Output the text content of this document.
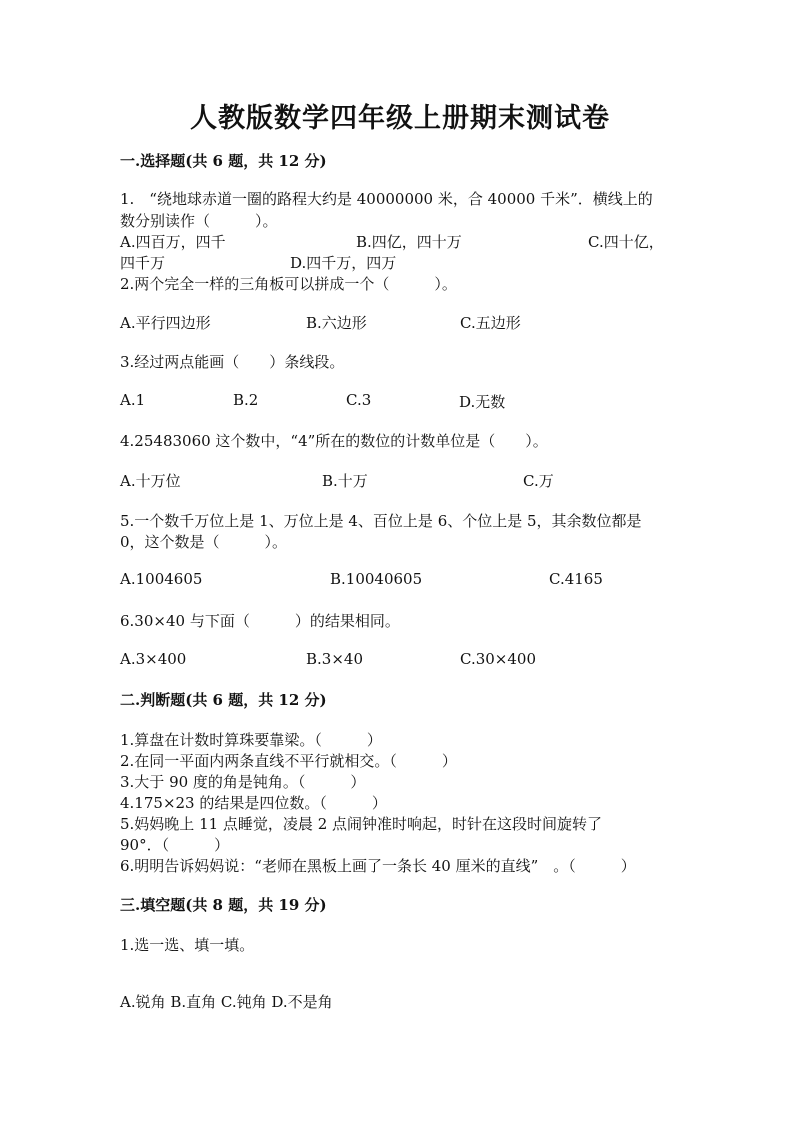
人教版数学四年级上册期末测试卷
一.选择题(共 6 题，共 12 分)
1.　“绕地球赤道一圈的路程大约是 40000000 米，合 40000 千米”．横线上的
数分别读作（　　　）。
A.四百万，四千	B.四亿，四十万	C.四十亿，
四千万	D.四千万，四万
2.两个完全一样的三角板可以拼成一个（　　　）。
A.平行四边形	B.六边形	C.五边形
3.经过两点能画（　　）条线段。
A.1	B.2	C.3	D.无数
4.25483060 这个数中，“4”所在的数位的计数单位是（　　）。
A.十万位	B.十万	C.万
5.一个数千万位上是 1、万位上是 4、百位上是 6、个位上是 5，其余数位都是
0，这个数是（　　　）。
A.1004605	B.10040605	C.4165
6.30×40 与下面（　　　）的结果相同。
A.3×400	B.3×40	C.30×400
二.判断题(共 6 题，共 12 分)
1.算盘在计数时算珠要靠梁。（　　　）
2.在同一平面内两条直线不平行就相交。（　　　）
3.大于 90 度的角是钝角。（　　　）
4.175×23 的结果是四位数。（　　　）
5.妈妈晚上 11 点睡觉，凌晨 2 点闹钟准时响起，时针在这段时间旋转了
90°．（　　　）
6.明明告诉妈妈说：“老师在黑板上画了一条长 40 厘米的直线”　。（　　　）
三.填空题(共 8 题，共 19 分)
1.选一选、填一填。
A.锐角 B.直角 C.钝角 D.不是角
